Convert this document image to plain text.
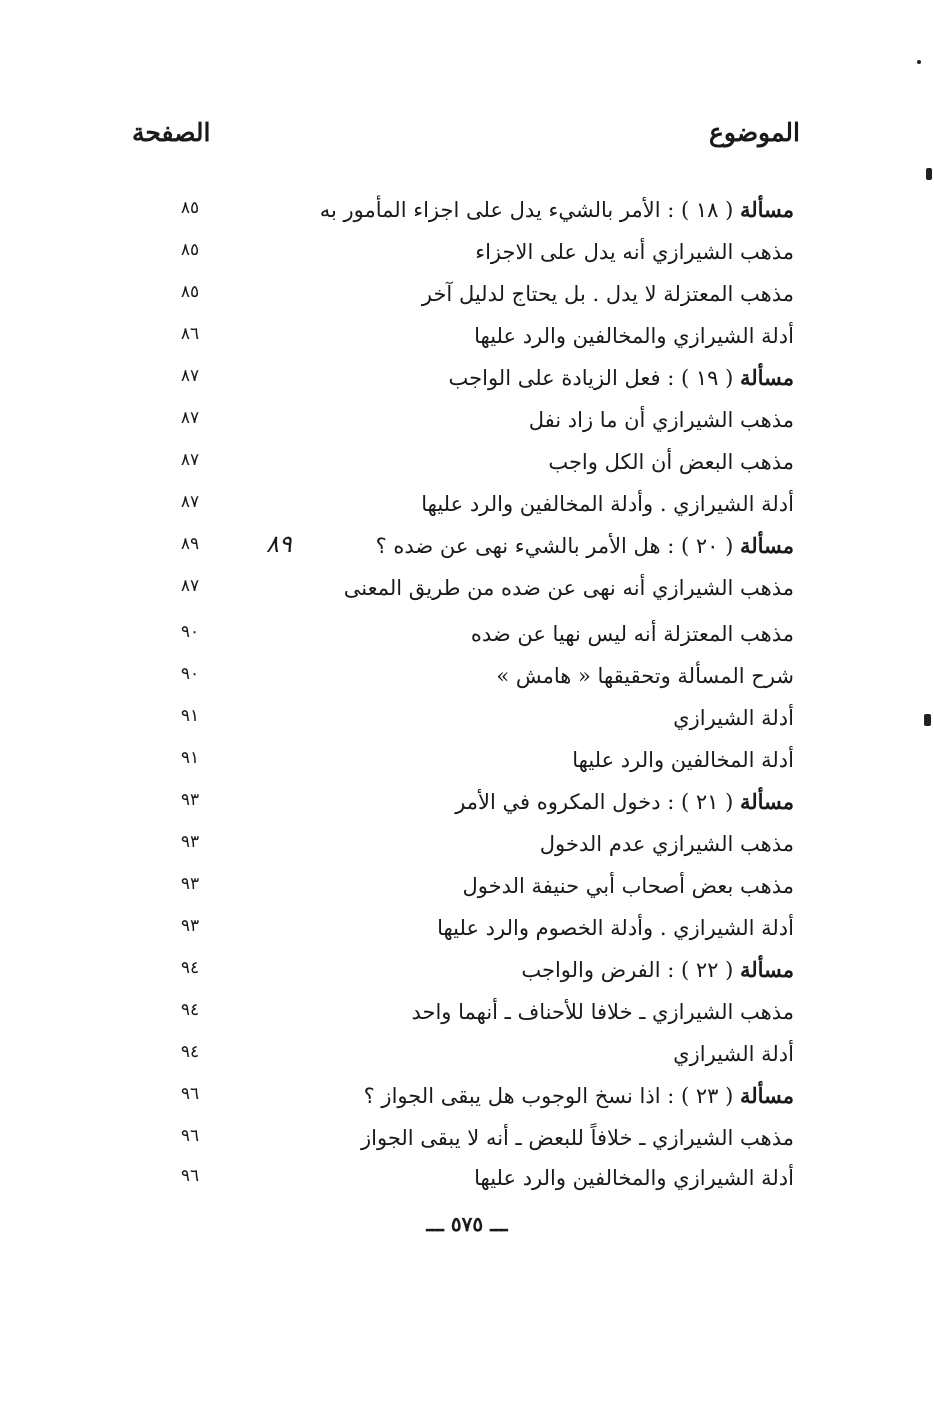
الموضوع
الصفحة
مسألة ( ١٨ ) : الأمر بالشيء يدل على اجزاء المأمور به
٨٥
مذهب الشيرازي أنه يدل على الاجزاء
٨٥
مذهب المعتزلة لا يدل . بل يحتاج لدليل آخر
٨٥
أدلة الشيرازي والمخالفين والرد عليها
٨٦
مسألة ( ١٩ ) : فعل الزيادة على الواجب
٨٧
مذهب الشيرازي أن ما زاد نفل
٨٧
مذهب البعض أن الكل واجب
٨٧
أدلة الشيرازي . وأدلة المخالفين والرد عليها
٨٧
مسألة ( ٢٠ ) : هل الأمر بالشيء نهى عن ضده ؟
٨٩
٨٩
مذهب الشيرازي أنه نهى عن ضده من طريق المعنى
٨٧
مذهب المعتزلة أنه ليس نهيا عن ضده
٩٠
شرح المسألة وتحقيقها « هامش »
٩٠
أدلة الشيرازي
٩١
أدلة المخالفين والرد عليها
٩١
مسألة ( ٢١ ) : دخول المكروه في الأمر
٩٣
مذهب الشيرازي عدم الدخول
٩٣
مذهب بعض أصحاب أبي حنيفة الدخول
٩٣
أدلة الشيرازي . وأدلة الخصوم والرد عليها
٩٣
مسألة ( ٢٢ ) : الفرض والواجب
٩٤
مذهب الشيرازي ـ خلافا للأحناف ـ أنهما واحد
٩٤
أدلة الشيرازي
٩٤
مسألة ( ٢٣ ) : اذا نسخ الوجوب هل يبقى الجواز ؟
٩٦
مذهب الشيرازي ـ خلافاً للبعض ـ أنه لا يبقى الجواز
٩٦
أدلة الشيرازي والمخالفين والرد عليها
٩٦
ـــ ٥٧٥ ـــ
